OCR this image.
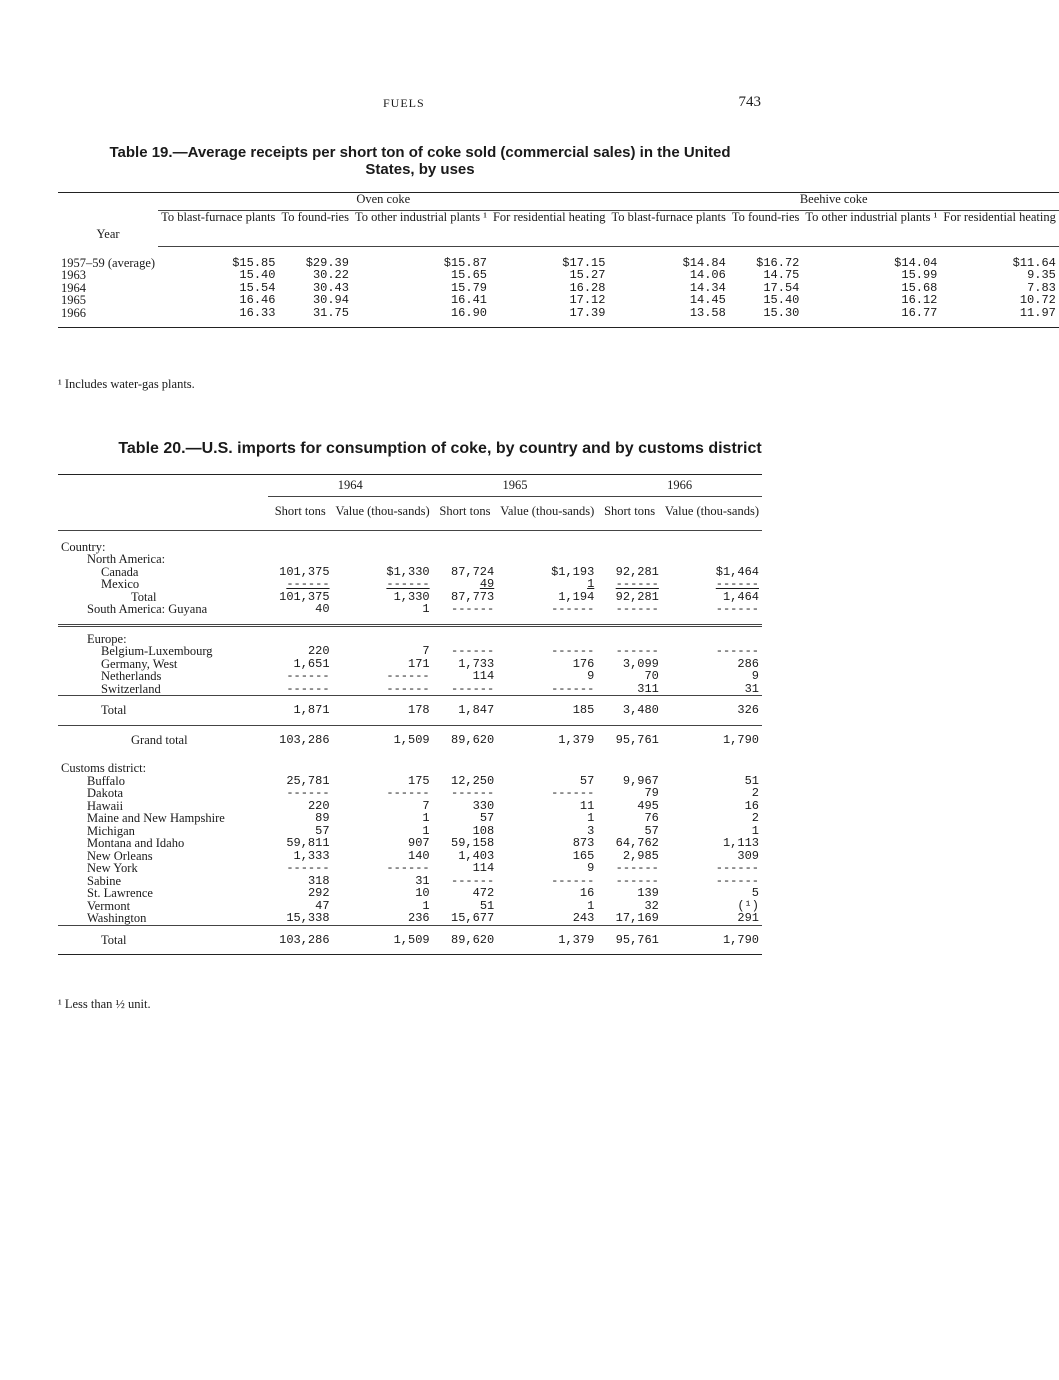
FUELS	743
Table 19.—Average receipts per short ton of coke sold (commercial sales) in the United States, by uses
Year	Oven coke				Beehive coke			
	To blast-furnace plants	To found-ries	To other industrial plants ¹	For residential heating	To blast-furnace plants	To found-ries	To other industrial plants ¹	For residential heating
1957–59 (average)	$15.85	$29.39	$15.87	$17.15	$14.84	$16.72	$14.04	$11.64
1963	15.40	30.22	15.65	15.27	14.06	14.75	15.99	9.35
1964	15.54	30.43	15.79	16.28	14.34	17.54	15.68	7.83
1965	16.46	30.94	16.41	17.12	14.45	15.40	16.12	10.72
1966	16.33	31.75	16.90	17.39	13.58	15.30	16.77	11.97
¹ Includes water-gas plants.
Table 20.—U.S. imports for consumption of coke, by country and by customs district
	1964		1965		1966	
	Short tons	Value (thou-sands)	Short tons	Value (thou-sands)	Short tons	Value (thou-sands)

Country:						
North America:						
Canada	101,375	$1,330	87,724	$1,193	92,281	$1,464
Mexico	------	------	49	1	------	------
Total	101,375	1,330	87,773	1,194	92,281	1,464
South America: Guyana	40	1	------	------	------	------

Europe:						
Belgium-Luxembourg	220	7	------	------	------	------
Germany, West	1,651	171	1,733	176	3,099	286
Netherlands	------	------	114	9	70	9
Switzerland	------	------	------	------	311	31
Total	1,871	178	1,847	185	3,480	326
Grand total	103,286	1,509	89,620	1,379	95,761	1,790

Customs district:						
Buffalo	25,781	175	12,250	57	9,967	51
Dakota	------	------	------	------	79	2
Hawaii	220	7	330	11	495	16
Maine and New Hampshire	89	1	57	1	76	2
Michigan	57	1	108	3	57	1
Montana and Idaho	59,811	907	59,158	873	64,762	1,113
New Orleans	1,333	140	1,403	165	2,985	309
New York	------	------	114	9	------	------
Sabine	318	31	------	------	------	------
St. Lawrence	292	10	472	16	139	5
Vermont	47	1	51	1	32	(¹)
Washington	15,338	236	15,677	243	17,169	291
Total	103,286	1,509	89,620	1,379	95,761	1,790
¹ Less than ½ unit.
